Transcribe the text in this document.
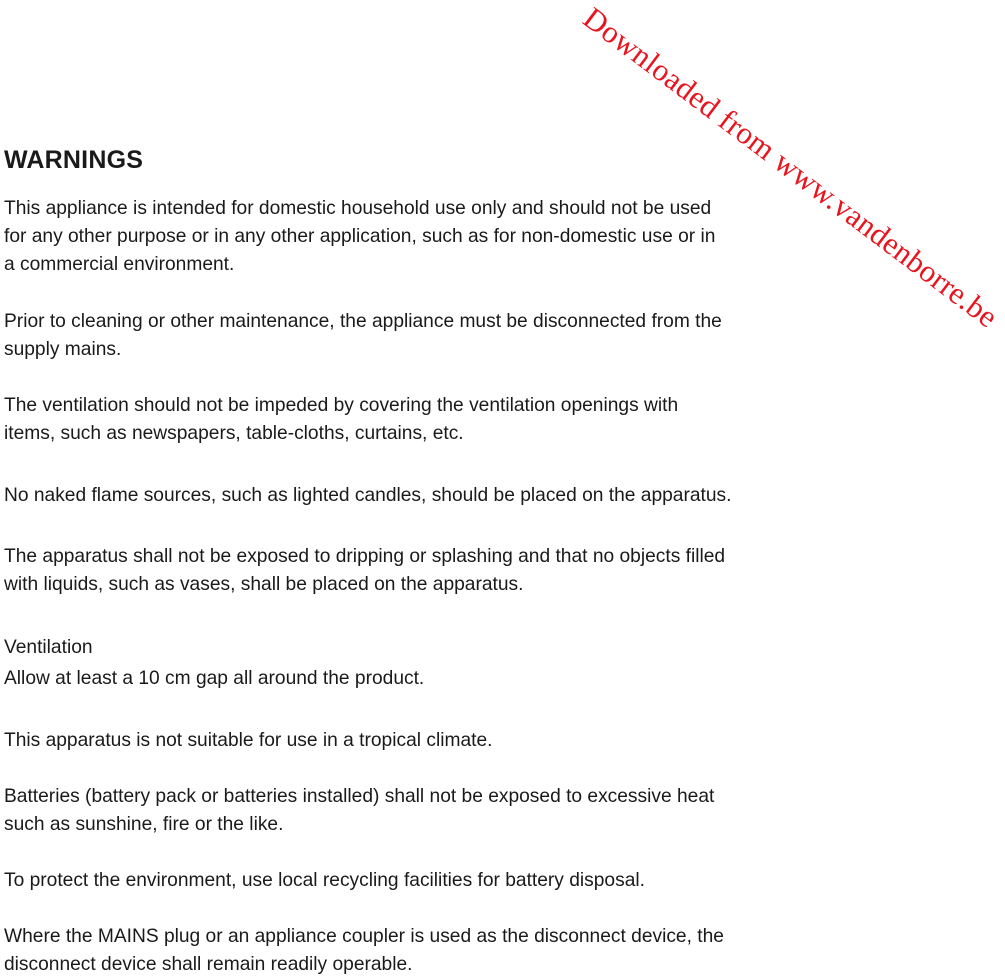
WARNINGS

This appliance is intended for domestic household use only and should not be used
for any other purpose or in any other application, such as for non-domestic use or in
a commercial environment.

Prior to cleaning or other maintenance, the appliance must be disconnected from the
supply mains.

The ventilation should not be impeded by covering the ventilation openings with
items, such as newspapers, table-cloths, curtains, etc.

No naked flame sources, such as lighted candles, should be placed on the apparatus.

The apparatus shall not be exposed to dripping or splashing and that no objects filled
with liquids, such as vases, shall be placed on the apparatus.

Ventilation

Allow at least a 10 cm gap all around the product.

This apparatus is not suitable for use in a tropical climate.

Batteries (battery pack or batteries installed) shall not be exposed to excessive heat
such as sunshine, fire or the like.

To protect the environment, use local recycling facilities for battery disposal.

Where the MAINS plug or an appliance coupler is used as the disconnect device, the
disconnect device shall remain readily operable.

Downloaded from www.vandenborre.be
